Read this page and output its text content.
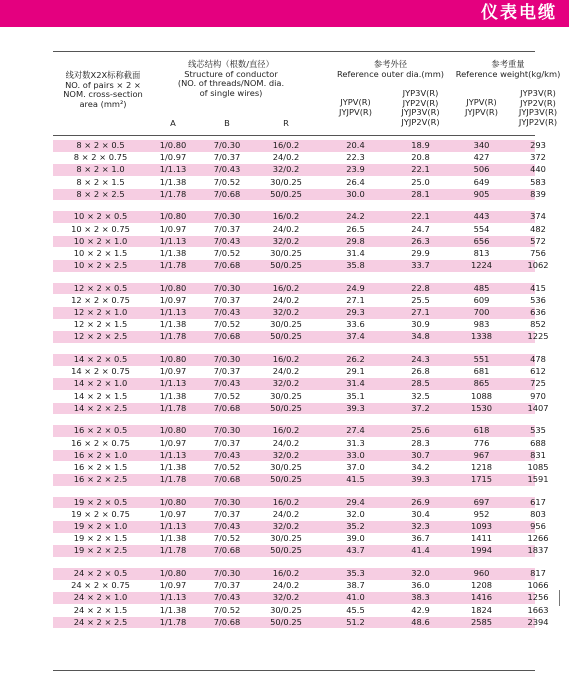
仪表电缆
线对数X2X标称截面
NO. of pairs × 2 ×
NOM. cross-section
area (mm²)
线芯结构（根数/直径）
Structure of conductor
(NO. of threads/NOM. dia.
of single wires)
A	B	R
参考外径
Reference outer dia.(mm)
JYPV(R)
JYJPV(R)
JYP3V(R)
JYP2V(R)
JYJP3V(R)
JYJP2V(R)
参考重量
Reference weight(kg/km)
JYPV(R)
JYJPV(R)
JYP3V(R)
JYP2V(R)
JYJP3V(R)
JYJP2V(R)
8 × 2 × 0.5	1/0.80	7/0.30	16/0.2	20.4	18.9	340	293
8 × 2 × 0.75	1/0.97	7/0.37	24/0.2	22.3	20.8	427	372
8 × 2 × 1.0	1/1.13	7/0.43	32/0.2	23.9	22.1	506	440
8 × 2 × 1.5	1/1.38	7/0.52	30/0.25	26.4	25.0	649	583
8 × 2 × 2.5	1/1.78	7/0.68	50/0.25	30.0	28.1	905	839
10 × 2 × 0.5	1/0.80	7/0.30	16/0.2	24.2	22.1	443	374
10 × 2 × 0.75	1/0.97	7/0.37	24/0.2	26.5	24.7	554	482
10 × 2 × 1.0	1/1.13	7/0.43	32/0.2	29.8	26.3	656	572
10 × 2 × 1.5	1/1.38	7/0.52	30/0.25	31.4	29.9	813	756
10 × 2 × 2.5	1/1.78	7/0.68	50/0.25	35.8	33.7	1224	1062
12 × 2 × 0.5	1/0.80	7/0.30	16/0.2	24.9	22.8	485	415
12 × 2 × 0.75	1/0.97	7/0.37	24/0.2	27.1	25.5	609	536
12 × 2 × 1.0	1/1.13	7/0.43	32/0.2	29.3	27.1	700	636
12 × 2 × 1.5	1/1.38	7/0.52	30/0.25	33.6	30.9	983	852
12 × 2 × 2.5	1/1.78	7/0.68	50/0.25	37.4	34.8	1338	1225
14 × 2 × 0.5	1/0.80	7/0.30	16/0.2	26.2	24.3	551	478
14 × 2 × 0.75	1/0.97	7/0.37	24/0.2	29.1	26.8	681	612
14 × 2 × 1.0	1/1.13	7/0.43	32/0.2	31.4	28.5	865	725
14 × 2 × 1.5	1/1.38	7/0.52	30/0.25	35.1	32.5	1088	970
14 × 2 × 2.5	1/1.78	7/0.68	50/0.25	39.3	37.2	1530	1407
16 × 2 × 0.5	1/0.80	7/0.30	16/0.2	27.4	25.6	618	535
16 × 2 × 0.75	1/0.97	7/0.37	24/0.2	31.3	28.3	776	688
16 × 2 × 1.0	1/1.13	7/0.43	32/0.2	33.0	30.7	967	831
16 × 2 × 1.5	1/1.38	7/0.52	30/0.25	37.0	34.2	1218	1085
16 × 2 × 2.5	1/1.78	7/0.68	50/0.25	41.5	39.3	1715	1591
19 × 2 × 0.5	1/0.80	7/0.30	16/0.2	29.4	26.9	697	617
19 × 2 × 0.75	1/0.97	7/0.37	24/0.2	32.0	30.4	952	803
19 × 2 × 1.0	1/1.13	7/0.43	32/0.2	35.2	32.3	1093	956
19 × 2 × 1.5	1/1.38	7/0.52	30/0.25	39.0	36.7	1411	1266
19 × 2 × 2.5	1/1.78	7/0.68	50/0.25	43.7	41.4	1994	1837
24 × 2 × 0.5	1/0.80	7/0.30	16/0.2	35.3	32.0	960	817
24 × 2 × 0.75	1/0.97	7/0.37	24/0.2	38.7	36.0	1208	1066
24 × 2 × 1.0	1/1.13	7/0.43	32/0.2	41.0	38.3	1416	1256
24 × 2 × 1.5	1/1.38	7/0.52	30/0.25	45.5	42.9	1824	1663
24 × 2 × 2.5	1/1.78	7/0.68	50/0.25	51.2	48.6	2585	2394
